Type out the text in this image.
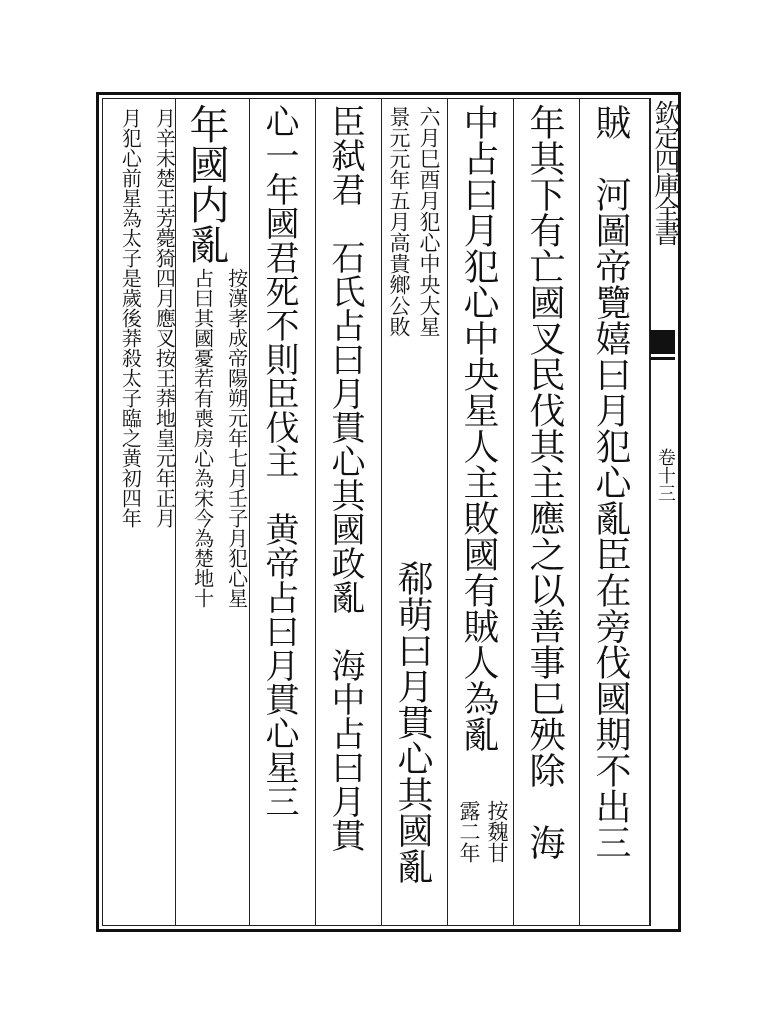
欽定四庫全書
卷十三
賊　河圖帝覽嬉曰月犯心亂臣在旁伐國期不出三
年其下有亡國叉民伐其主應之以善事巳殃除　海
中占曰月犯心中央星人主敗國有賊人為亂
按魏甘
露二年
六月巳酉月犯心中央大星
景元元年五月高貴鄉公敗
郗萌曰月貫心其國亂
臣弑君　石氏占曰月貫心其國政亂　海中占曰月貫
心一年國君死不則臣伐主　黄帝占曰月貫心星三
年國内亂
按漢孝成帝陽朔元年七月壬子月犯心星
占曰其國憂若有喪房心為宋今為楚地十
月辛未楚王芳薨猗四月應叉按王莽地皇元年正月
月犯心前星為太子是歲後莽殺太子臨之黄初四年
